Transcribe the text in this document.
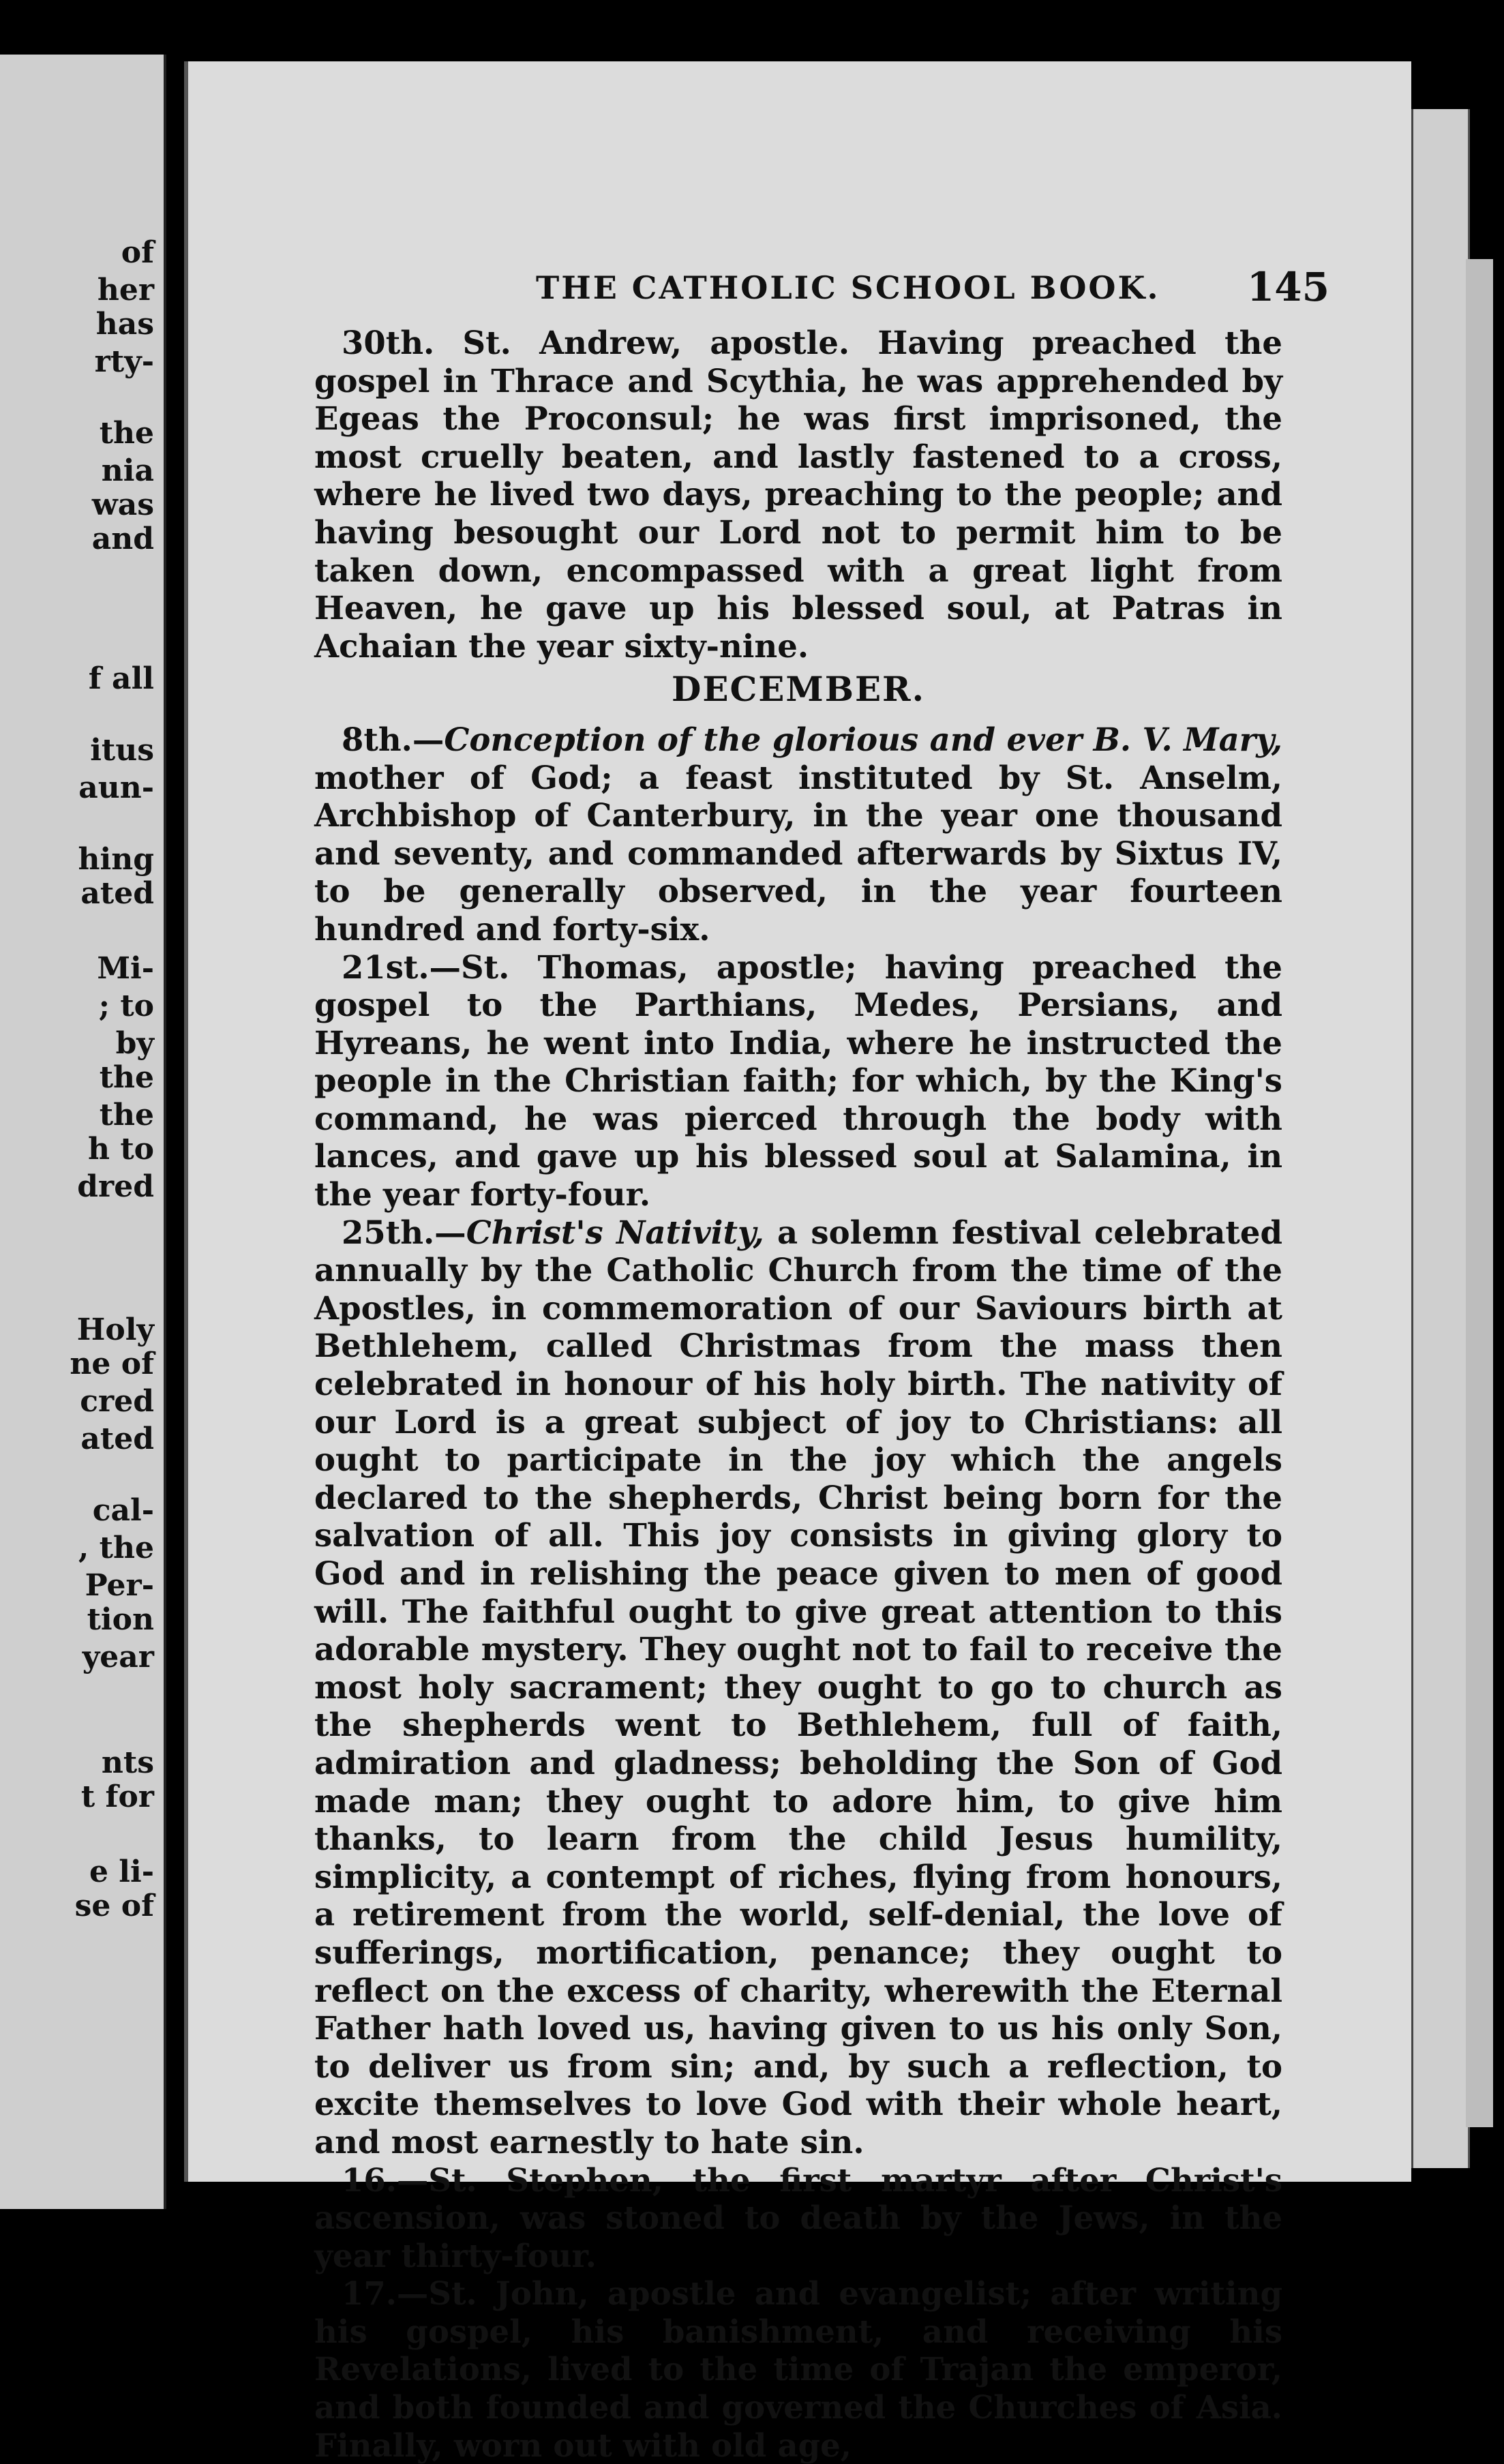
of
her
has
rty-
the
nia
was
and
f all
itus
aun-
hing
ated
Mi-
; to
by
the
the
h to
dred
Holy
ne of
cred
ated
cal-
, the
Per-
tion
year
nts
t for
e li-
se of
THE CATHOLIC SCHOOL BOOK. 145

30th. St. Andrew, apostle. Having preached the gospel in Thrace and Scythia, he was apprehended by Egeas the Proconsul; he was first imprisoned, the most cruelly beaten, and lastly fastened to a cross, where he lived two days, preaching to the people; and having besought our Lord not to permit him to be taken down, encompassed with a great light from Heaven, he gave up his blessed soul, at Patras in Achaian the year sixty-nine.

DECEMBER.

8th.—Conception of the glorious and ever B. V. Mary, mother of God; a feast instituted by St. Anselm, Archbishop of Canterbury, in the year one thousand and seventy, and commanded afterwards by Sixtus IV, to be generally observed, in the year fourteen hundred and forty-six.

21st.—St. Thomas, apostle; having preached the gospel to the Parthians, Medes, Persians, and Hyreans, he went into India, where he instructed the people in the Christian faith; for which, by the King's command, he was pierced through the body with lances, and gave up his blessed soul at Salamina, in the year forty-four.

25th.—Christ's Nativity, a solemn festival celebrated annually by the Catholic Church from the time of the Apostles, in commemoration of our Saviours birth at Bethlehem, called Christmas from the mass then celebrated in honour of his holy birth. The nativity of our Lord is a great subject of joy to Christians: all ought to participate in the joy which the angels declared to the shepherds, Christ being born for the salvation of all. This joy consists in giving glory to God and in relishing the peace given to men of good will. The faithful ought to give great attention to this adorable mystery. They ought not to fail to receive the most holy sacrament; they ought to go to church as the shepherds went to Bethlehem, full of faith, admiration and gladness; beholding the Son of God made man; they ought to adore him, to give him thanks, to learn from the child Jesus humility, simplicity, a contempt of riches, flying from honours, a retirement from the world, self-denial, the love of sufferings, mortification, penance; they ought to reflect on the excess of charity, wherewith the Eternal Father hath loved us, having given to us his only Son, to deliver us from sin; and, by such a reflection, to excite themselves to love God with their whole heart, and most earnestly to hate sin.

16.—St. Stephen, the first martyr after Christ's ascension, was stoned to death by the Jews, in the year thirty-four.

17.—St. John, apostle and evangelist; after writing his gospel, his banishment, and receiving his Revelations, lived to the time of Trajan the emperor, and both founded and governed the Churches of Asia. Finally, worn out with old age,
